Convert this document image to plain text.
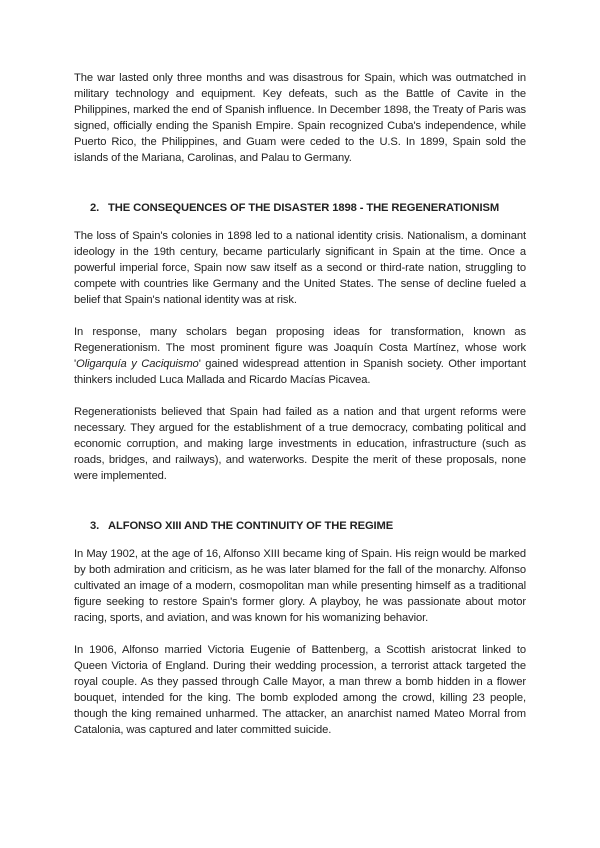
The war lasted only three months and was disastrous for Spain, which was outmatched in military technology and equipment. Key defeats, such as the Battle of Cavite in the Philippines, marked the end of Spanish influence. In December 1898, the Treaty of Paris was signed, officially ending the Spanish Empire. Spain recognized Cuba's independence, while Puerto Rico, the Philippines, and Guam were ceded to the U.S. In 1899, Spain sold the islands of the Mariana, Carolinas, and Palau to Germany.

2. THE CONSEQUENCES OF THE DISASTER 1898 - THE REGENERATIONISM

The loss of Spain's colonies in 1898 led to a national identity crisis. Nationalism, a dominant ideology in the 19th century, became particularly significant in Spain at the time. Once a powerful imperial force, Spain now saw itself as a second or third-rate nation, struggling to compete with countries like Germany and the United States. The sense of decline fueled a belief that Spain's national identity was at risk.

In response, many scholars began proposing ideas for transformation, known as Regenerationism. The most prominent figure was Joaquín Costa Martínez, whose work 'Oligarquía y Caciquismo' gained widespread attention in Spanish society. Other important thinkers included Luca Mallada and Ricardo Macías Picavea.

Regenerationists believed that Spain had failed as a nation and that urgent reforms were necessary. They argued for the establishment of a true democracy, combating political and economic corruption, and making large investments in education, infrastructure (such as roads, bridges, and railways), and waterworks. Despite the merit of these proposals, none were implemented.

3. ALFONSO XIII AND THE CONTINUITY OF THE REGIME

In May 1902, at the age of 16, Alfonso XIII became king of Spain. His reign would be marked by both admiration and criticism, as he was later blamed for the fall of the monarchy. Alfonso cultivated an image of a modern, cosmopolitan man while presenting himself as a traditional figure seeking to restore Spain's former glory. A playboy, he was passionate about motor racing, sports, and aviation, and was known for his womanizing behavior.

In 1906, Alfonso married Victoria Eugenie of Battenberg, a Scottish aristocrat linked to Queen Victoria of England. During their wedding procession, a terrorist attack targeted the royal couple. As they passed through Calle Mayor, a man threw a bomb hidden in a flower bouquet, intended for the king. The bomb exploded among the crowd, killing 23 people, though the king remained unharmed. The attacker, an anarchist named Mateo Morral from Catalonia, was captured and later committed suicide.
